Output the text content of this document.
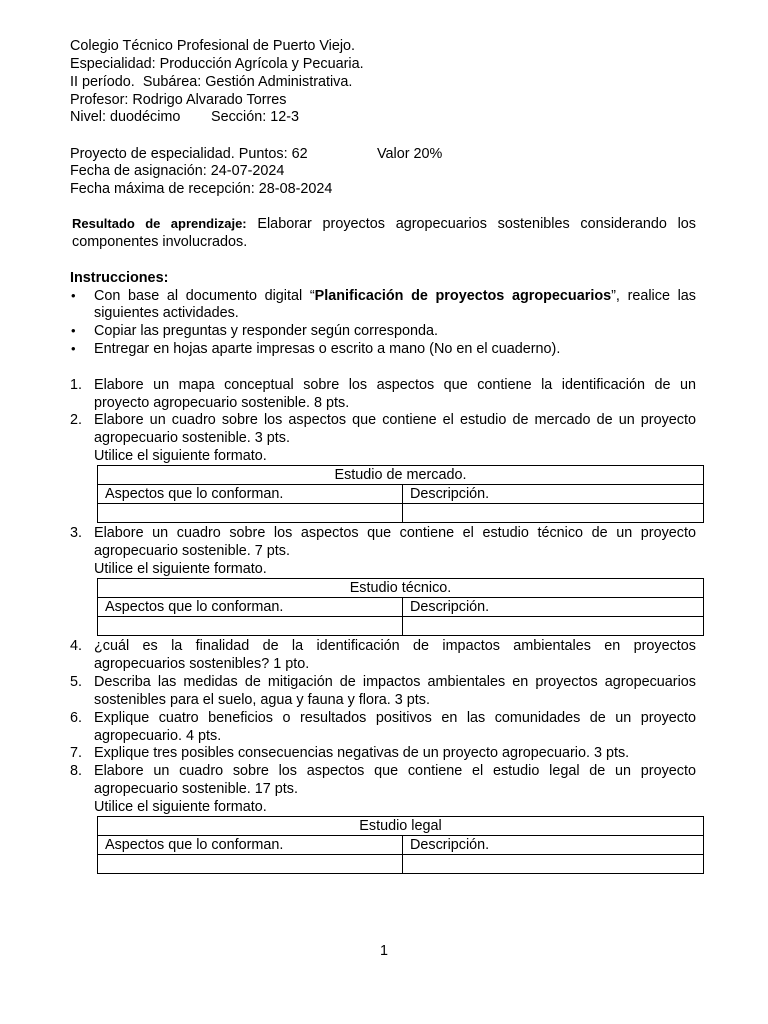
Colegio Técnico Profesional de Puerto Viejo.
Especialidad: Producción Agrícola y Pecuaria.
II período. Subárea: Gestión Administrativa.
Profesor: Rodrigo Alvarado Torres
Nivel: duodécimo Sección: 12-3
Proyecto de especialidad. Puntos: 62	Valor 20%
Fecha de asignación: 24-07-2024
Fecha máxima de recepción: 28-08-2024
Resultado de aprendizaje: Elaborar proyectos agropecuarios sostenibles considerando los
componentes involucrados.
Instrucciones:
• Con base al documento digital “Planificación de proyectos agropecuarios”, realice las
siguientes actividades.
• Copiar las preguntas y responder según corresponda.
• Entregar en hojas aparte impresas o escrito a mano (No en el cuaderno).
1. Elabore un mapa conceptual sobre los aspectos que contiene la identificación de un
proyecto agropecuario sostenible. 8 pts.
2. Elabore un cuadro sobre los aspectos que contiene el estudio de mercado de un proyecto
agropecuario sostenible. 3 pts.
Utilice el siguiente formato.
Estudio de mercado.	
Aspectos que lo conforman.	Descripción.

3. Elabore un cuadro sobre los aspectos que contiene el estudio técnico de un proyecto
agropecuario sostenible. 7 pts.
Utilice el siguiente formato.
Estudio técnico.	
Aspectos que lo conforman.	Descripción.

4. ¿cuál es la finalidad de la identificación de impactos ambientales en proyectos
agropecuarios sostenibles? 1 pto.
5. Describa las medidas de mitigación de impactos ambientales en proyectos agropecuarios
sostenibles para el suelo, agua y fauna y flora. 3 pts.
6. Explique cuatro beneficios o resultados positivos en las comunidades de un proyecto
agropecuario. 4 pts.
7. Explique tres posibles consecuencias negativas de un proyecto agropecuario. 3 pts.
8. Elabore un cuadro sobre los aspectos que contiene el estudio legal de un proyecto
agropecuario sostenible. 17 pts.
Utilice el siguiente formato.
Estudio legal	
Aspectos que lo conforman.	Descripción.

1
